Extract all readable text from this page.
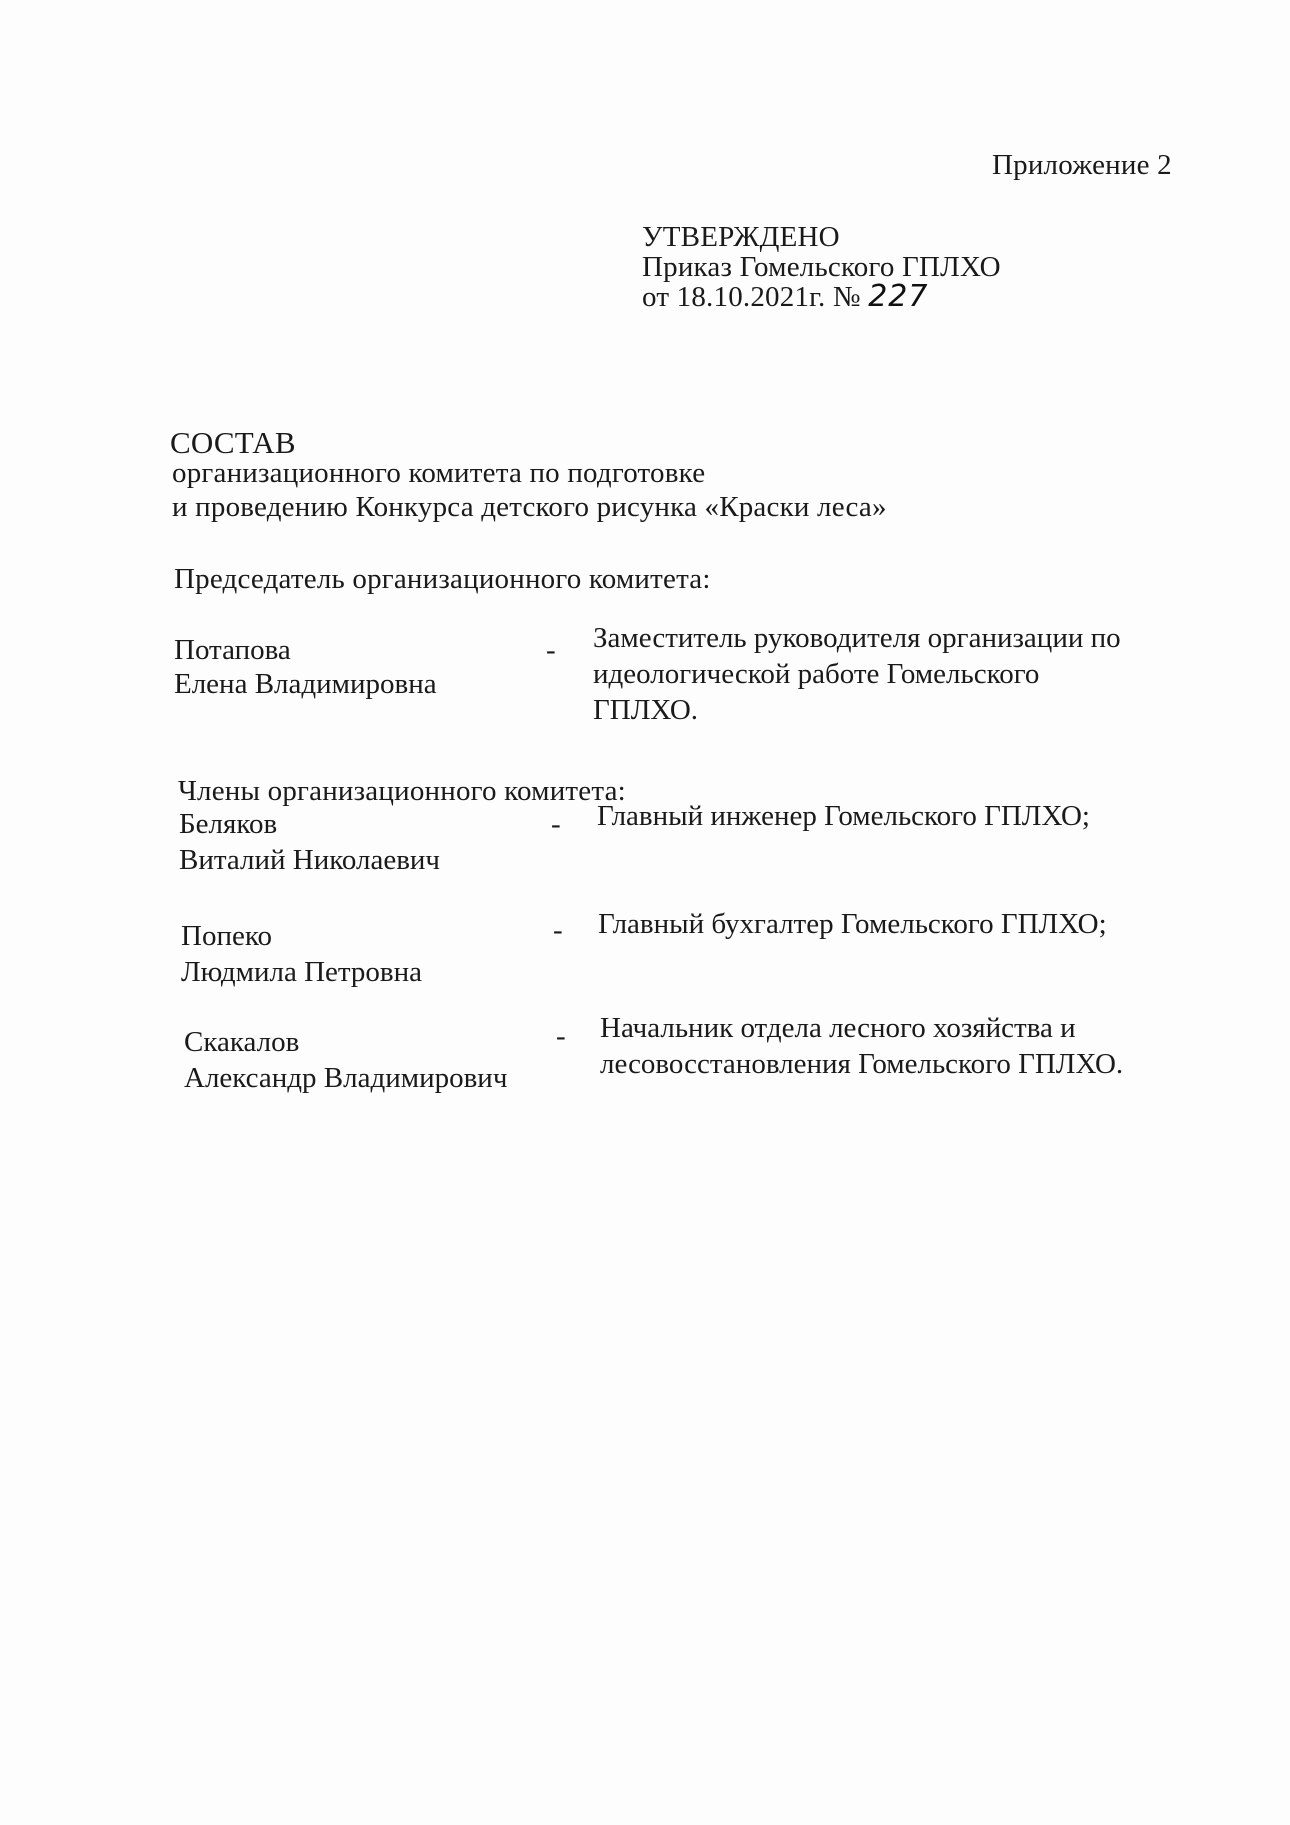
Приложение 2
УТВЕРЖДЕНО
Приказ Гомельского ГПЛХО
от 18.10.2021г. № 227
СОСТАВ
организационного комитета по подготовке
и проведению Конкурса детского рисунка «Краски леса»
Председатель организационного комитета:
Потапова
Елена Владимировна
- Заместитель руководителя организации по
идеологической работе Гомельского
ГПЛХО.
Члены организационного комитета:
Беляков
Виталий Николаевич
- Главный инженер Гомельского ГПЛХО;
Попеко
Людмила Петровна
- Главный бухгалтер Гомельского ГПЛХО;
Скакалов
Александр Владимирович
- Начальник отдела лесного хозяйства и
лесовосстановления Гомельского ГПЛХО.
